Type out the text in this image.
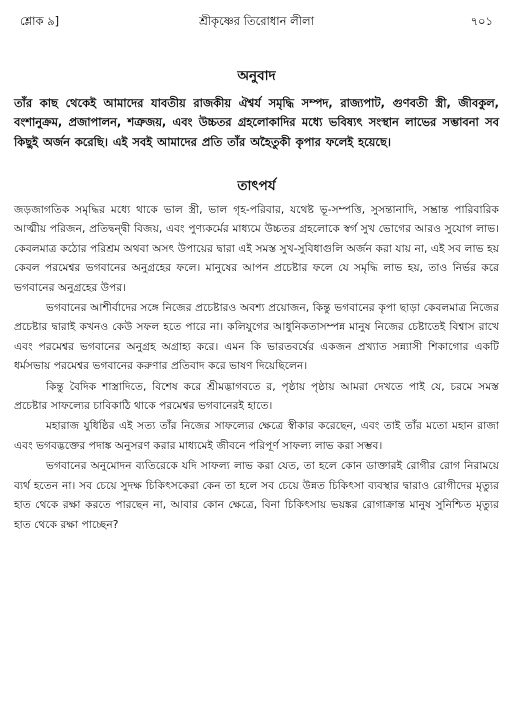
শ্লোক ৯]	শ্রীকৃষ্ণের তিরোধান লীলা	৭০১
অনুবাদ
তাঁর কাছ থেকেই আমাদের যাবতীয় রাজকীয় ঐশ্বর্য সমৃদ্ধি সম্পদ, রাজ্যপাট, গুণবতী স্ত্রী, জীবকুল, বংশানুক্রম, প্রজাপালন, শত্রুজয়, এবং উচ্চতর গ্রহলোকাদির মধ্যে ভবিষ্যৎ সংস্থান লাভের সম্ভাবনা সব কিছুই অর্জন করেছি। এই সবই আমাদের প্রতি তাঁর অহৈতুকী কৃপার ফলেই হয়েছে।
তাৎপর্য

জড়জাগতিক সমৃদ্ধির মধ্যে থাকে ভাল স্ত্রী, ভাল গৃহ-পরিবার, যথেষ্ট ভূ-সম্পত্তি, সুসন্তানাদি, সম্ভ্রান্ত পারিবারিক আত্মীয় পরিজন, প্রতিদ্বন্দ্বী বিজয়, এবং পুণ্যকর্মের মাধ্যমে উচ্চতর গ্রহলোকে স্বর্গ সুখ ভোগের আরও সুযোগ লাভ। কেবলমাত্র কঠোর পরিশ্রম অথবা অসৎ উপায়ের দ্বারা এই সমস্ত সুখ-সুবিধাগুলি অর্জন করা যায় না, এই সব লাভ হয় কেবল পরমেশ্বর ভগবানের অনুগ্রহের ফলে। মানুষের আপন প্রচেষ্টার ফলে যে সমৃদ্ধি লাভ হয়, তাও নির্ভর করে ভগবানের অনুগ্রহের উপর।

ভগবানের আশীর্বাদের সঙ্গে নিজের প্রচেষ্টারও অবশ্য প্রয়োজন, কিন্তু ভগবানের কৃপা ছাড়া কেবলমাত্র নিজের প্রচেষ্টার দ্বারাই কখনও কেউ সফল হতে পারে না। কলিযুগের আধুনিকতাসম্পন্ন মানুষ নিজের চেষ্টাতেই বিশ্বাস রাখে এবং পরমেশ্বর ভগবানের অনুগ্রহ অগ্রাহ্য করে। এমন কি ভারতবর্ষের একজন প্রখ্যাত সন্ন্যাসী শিকাগোর একটি ধর্মসভায় পরমেশ্বর ভগবানের করুণার প্রতিবাদ করে ভাষণ দিয়েছিলেন।

কিন্তু বৈদিক শাস্ত্রাদিতে, বিশেষ করে শ্রীমদ্ভাগবতে র, পৃষ্ঠায় পৃষ্ঠায় আমরা দেখতে পাই যে, চরমে সমস্ত প্রচেষ্টার সাফল্যের চাবিকাঠি থাকে পরমেশ্বর ভগবানেরই হাতে।

মহারাজ যুধিষ্ঠির এই সত্য তাঁর নিজের সাফল্যের ক্ষেত্রে স্বীকার করেছেন, এবং তাই তাঁর মতো মহান রাজা এবং ভগবদ্ভক্তের পদাঙ্ক অনুসরণ করার মাধ্যমেই জীবনে পরিপূর্ণ সাফল্য লাভ করা সম্ভব।

ভগবানের অনুমোদন ব্যতিরেকে যদি সাফল্য লাভ করা যেত, তা হলে কোন ডাক্তারই রোগীর রোগ নিরাময়ে ব্যর্থ হতেন না। সব চেয়ে সুদক্ষ চিকিৎসকেরা কেন তা হলে সব চেয়ে উন্নত চিকিৎসা ব্যবস্থার দ্বারাও রোগীদের মৃত্যুর হাত থেকে রক্ষা করতে পারছেন না, আবার কোন ক্ষেত্রে, বিনা চিকিৎসায় ভয়ঙ্কর রোগাক্রান্ত মানুষ সুনিশ্চিত মৃত্যুর হাত থেকে রক্ষা পাচ্ছেন?
